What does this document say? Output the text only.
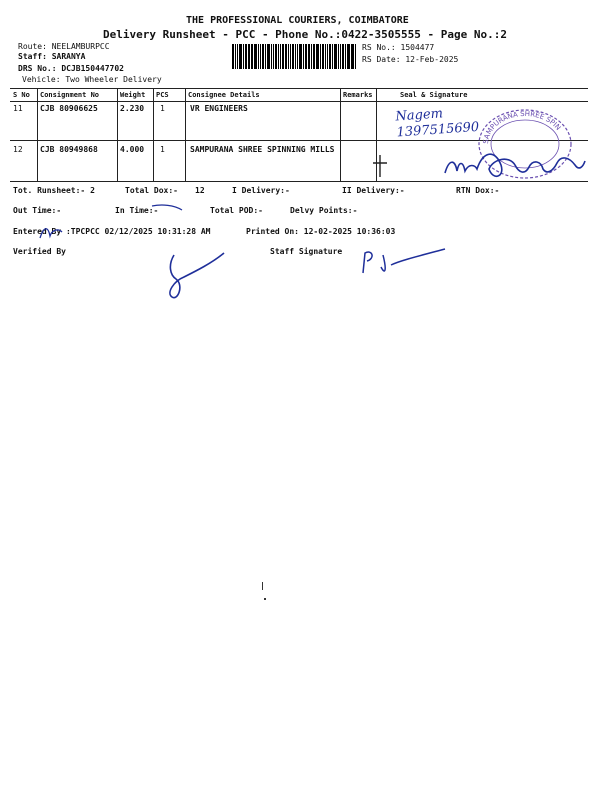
THE PROFESSIONAL COURIERS, COIMBATORE
Delivery Runsheet - PCC - Phone No.:0422-3505555 - Page No.:2
Route: NEELAMBURPCC
Staff: SARANYA
DRS No.: DCJB150447702
Vehicle: Two Wheeler Delivery
RS No.: 1504477
RS Date: 12-Feb-2025
S No Consignment No	Weight PCS	Consignee Details	Remarks	Seal & Signature
11 CJB 80906625	2.230 1	VR ENGINEERS
12 CJB 80949868	4.000 1	SAMPURANA SHREE SPINNING MILLS
Nagem 1397515690
SAMPURANA SHREE SPIN
Tot. Runsheet:- 2	Total Dox:- 12	I Delivery:-	II Delivery:-	RTN Dox:-
Out Time:-	In Time:-	Total POD:-	Delvy Points:-
Entered By :TPCPCC 02/12/2025 10:31:28 AM	Printed On: 12-02-2025 10:36:03
Verified By	Staff Signature
